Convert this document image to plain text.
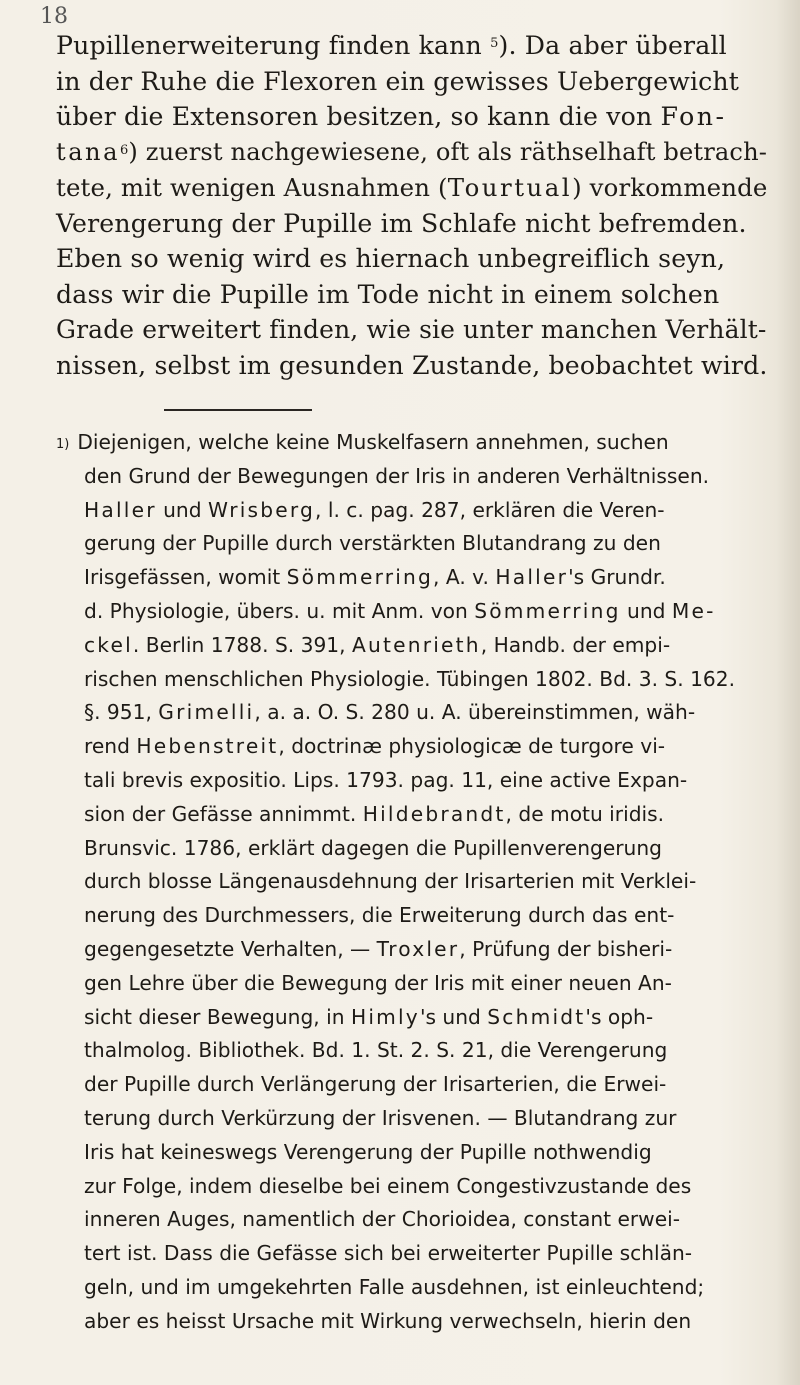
18
Pupillenerweiterung finden kann $^5$). Da aber überall
in der Ruhe die Flexoren ein gewisses Uebergewicht
über die Extensoren besitzen, so kann die von Fon-
tana$^6$) zuerst nachgewiesene, oft als räthselhaft betrach-
tete, mit wenigen Ausnahmen (Tourtual) vorkommende
Verengerung der Pupille im Schlafe nicht befremden.
Eben so wenig wird es hiernach unbegreiflich seyn,
dass wir die Pupille im Tode nicht in einem solchen
Grade erweitert finden, wie sie unter manchen Verhält-
nissen, selbst im gesunden Zustande, beobachtet wird.
$^{1)}$ Diejenigen, welche keine Muskelfasern annehmen, suchen
den Grund der Bewegungen der Iris in anderen Verhältnissen.
Haller und Wrisberg, l. c. pag. 287, erklären die Veren-
gerung der Pupille durch verstärkten Blutandrang zu den
Irisgefässen, womit Sömmerring, A. v. Haller's Grundr.
d. Physiologie, übers. u. mit Anm. von Sömmerring und Me-
ckel. Berlin 1788. S. 391, Autenrieth, Handb. der empi-
rischen menschlichen Physiologie. Tübingen 1802. Bd. 3. S. 162.
§. 951, Grimelli, a. a. O. S. 280 u. A. übereinstimmen, wäh-
rend Hebenstreit, doctrinæ physiologicæ de turgore vi-
tali brevis expositio. Lips. 1793. pag. 11, eine active Expan-
sion der Gefässe annimmt. Hildebrandt, de motu iridis.
Brunsvic. 1786, erklärt dagegen die Pupillenverengerung
durch blosse Längenausdehnung der Irisarterien mit Verklei-
nerung des Durchmessers, die Erweiterung durch das ent-
gegengesetzte Verhalten, — Troxler, Prüfung der bisheri-
gen Lehre über die Bewegung der Iris mit einer neuen An-
sicht dieser Bewegung, in Himly's und Schmidt's oph-
thalmolog. Bibliothek. Bd. 1. St. 2. S. 21, die Verengerung
der Pupille durch Verlängerung der Irisarterien, die Erwei-
terung durch Verkürzung der Irisvenen. — Blutandrang zur
Iris hat keineswegs Verengerung der Pupille nothwendig
zur Folge, indem dieselbe bei einem Congestivzustande des
inneren Auges, namentlich der Chorioidea, constant erwei-
tert ist. Dass die Gefässe sich bei erweiterter Pupille schlän-
geln, und im umgekehrten Falle ausdehnen, ist einleuchtend;
aber es heisst Ursache mit Wirkung verwechseln, hierin den
